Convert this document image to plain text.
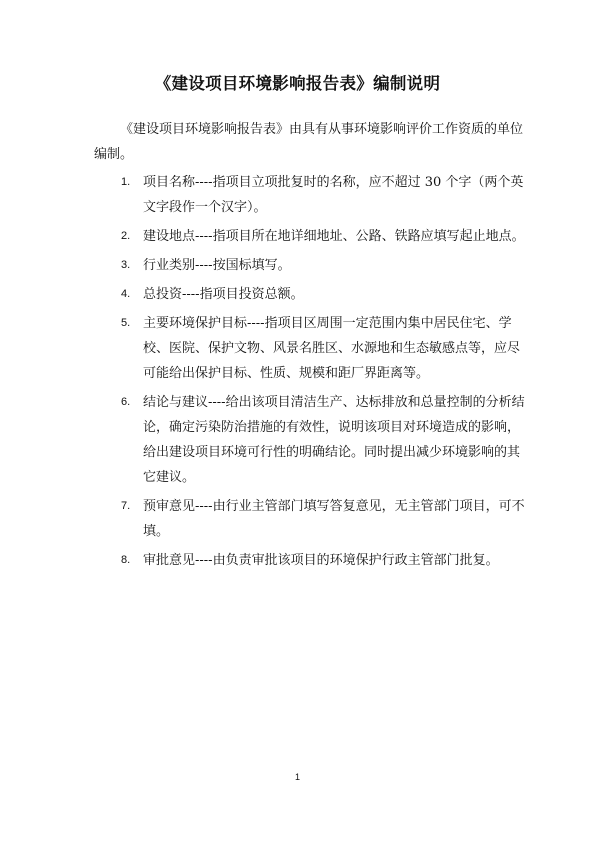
《建设项目环境影响报告表》编制说明

《建设项目环境影响报告表》由具有从事环境影响评价工作资质的单位编制。

1. 项目名称----指项目立项批复时的名称，应不超过 30 个字（两个英文字段作一个汉字）。
2. 建设地点----指项目所在地详细地址、公路、铁路应填写起止地点。
3. 行业类别----按国标填写。
4. 总投资----指项目投资总额。
5. 主要环境保护目标----指项目区周围一定范围内集中居民住宅、学校、医院、保护文物、风景名胜区、水源地和生态敏感点等，应尽可能给出保护目标、性质、规模和距厂界距离等。
6. 结论与建议----给出该项目清洁生产、达标排放和总量控制的分析结论，确定污染防治措施的有效性，说明该项目对环境造成的影响，给出建设项目环境可行性的明确结论。同时提出减少环境影响的其它建议。
7. 预审意见----由行业主管部门填写答复意见，无主管部门项目，可不填。
8. 审批意见----由负责审批该项目的环境保护行政主管部门批复。
1
